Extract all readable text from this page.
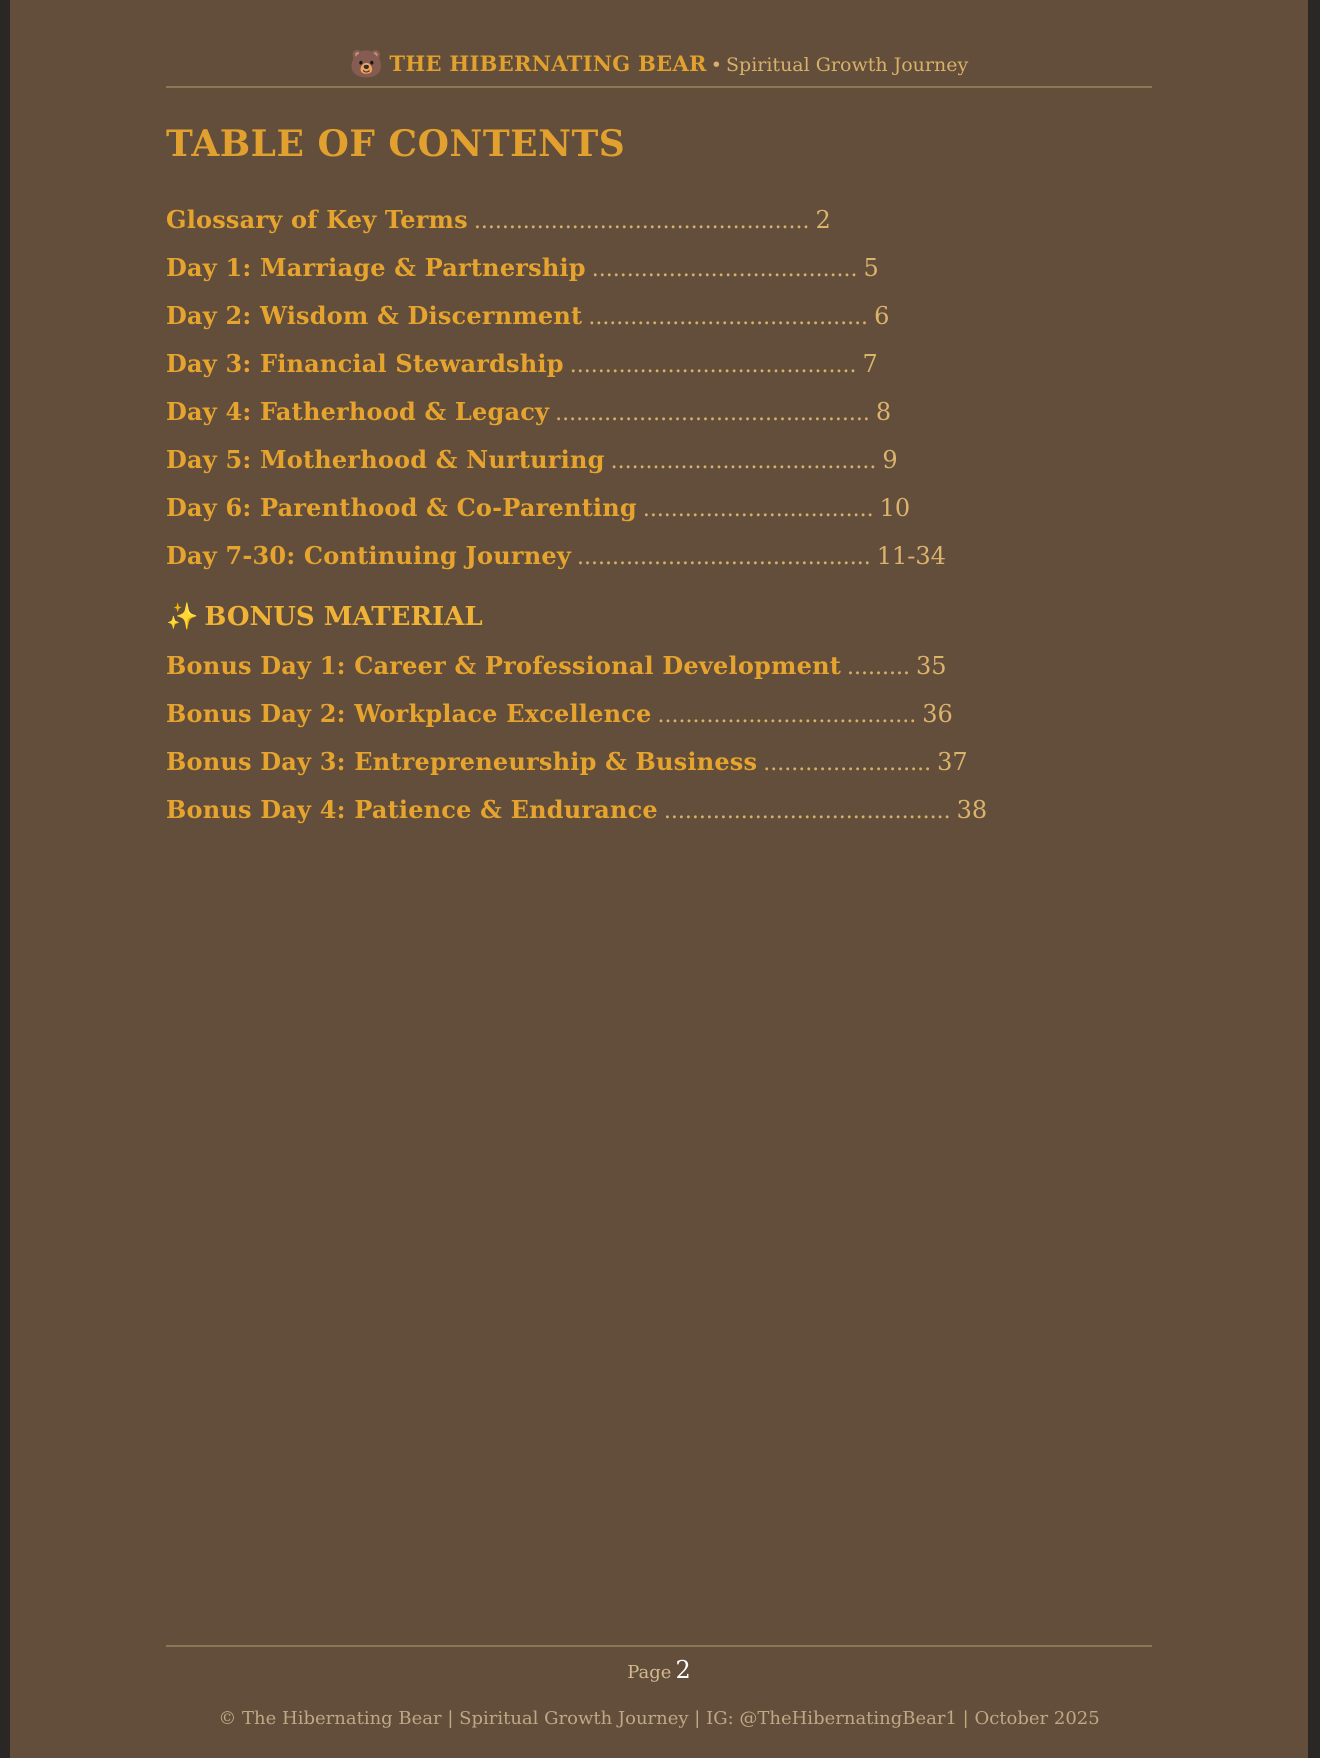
🐻 THE HIBERNATING BEAR • Spiritual Growth Journey
TABLE OF CONTENTS
Glossary of Key Terms ................................................ 2
Day 1: Marriage & Partnership ...................................... 5
Day 2: Wisdom & Discernment ........................................ 6
Day 3: Financial Stewardship ......................................... 7
Day 4: Fatherhood & Legacy ............................................. 8
Day 5: Motherhood & Nurturing ...................................... 9
Day 6: Parenthood & Co-Parenting ................................. 10
Day 7-30: Continuing Journey .......................................... 11-34
✨ BONUS MATERIAL
Bonus Day 1: Career & Professional Development ......... 35
Bonus Day 2: Workplace Excellence ..................................... 36
Bonus Day 3: Entrepreneurship & Business ........................ 37
Bonus Day 4: Patience & Endurance ......................................... 38
Page 2
© The Hibernating Bear | Spiritual Growth Journey | IG: @TheHibernatingBear1 | October 2025
